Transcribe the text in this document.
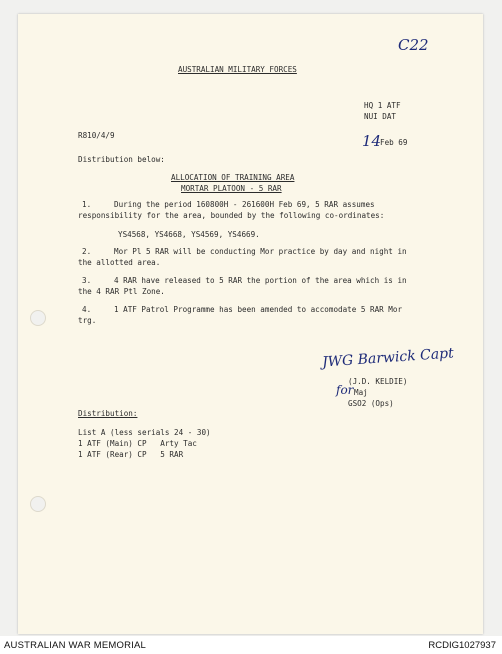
C22

AUSTRALIAN MILITARY FORCES

HQ 1 ATF

NUI DAT

14

Feb 69

R810/4/9

Distribution below:

ALLOCATION OF TRAINING AREA

MORTAR PLATOON - 5 RAR

1.	During the period 160800H - 261600H Feb 69, 5 RAR assumes

responsibility for the area, bounded by the following co-ordinates:

YS4568, YS4668, YS4569, YS4669.

2.	Mor Pl 5 RAR will be conducting Mor practice by day and night in

the allotted area.

3.	4 RAR have released to 5 RAR the portion of the area which is in

the 4 RAR Ptl Zone.

4.	1 ATF Patrol Programme has been amended to accomodate 5 RAR Mor

trg.

JWG Barwick Capt

(J.D. KELDIE)

for Maj

GSO2 (Ops)

Distribution:

List A (less serials 24 - 30)

1 ATF (Main) CP   Arty Tac

1 ATF (Rear) CP   5 RAR

AUSTRALIAN WAR MEMORIAL	RCDIG1027937
